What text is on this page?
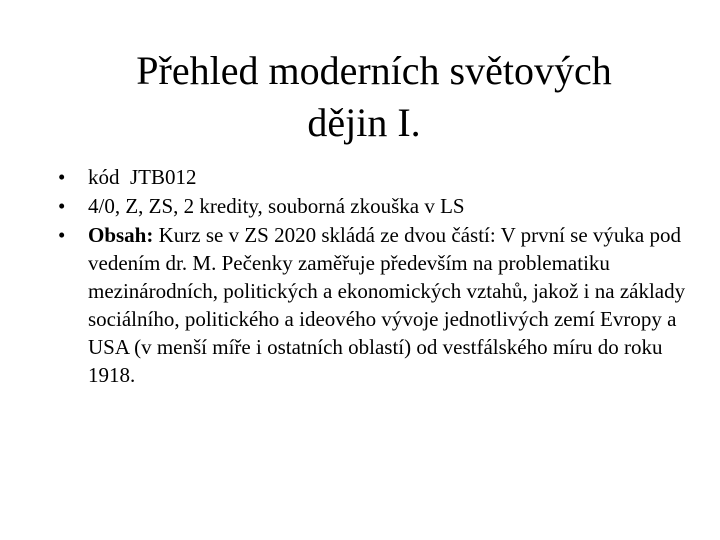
Přehled moderních světových
dějin I.
•	kód  JTB012
•	4/0, Z, ZS, 2 kredity, souborná zkouška v LS
•	Obsah: Kurz se v ZS 2020 skládá ze dvou částí: V první se výuka pod vedením dr. M. Pečenky zaměřuje především na problematiku mezinárodních, politických a ekonomických vztahů, jakož i na základy sociálního, politického a ideového vývoje jednotlivých zemí Evropy a USA (v menší míře i ostatních oblastí) od vestfálského míru do roku 1918.
